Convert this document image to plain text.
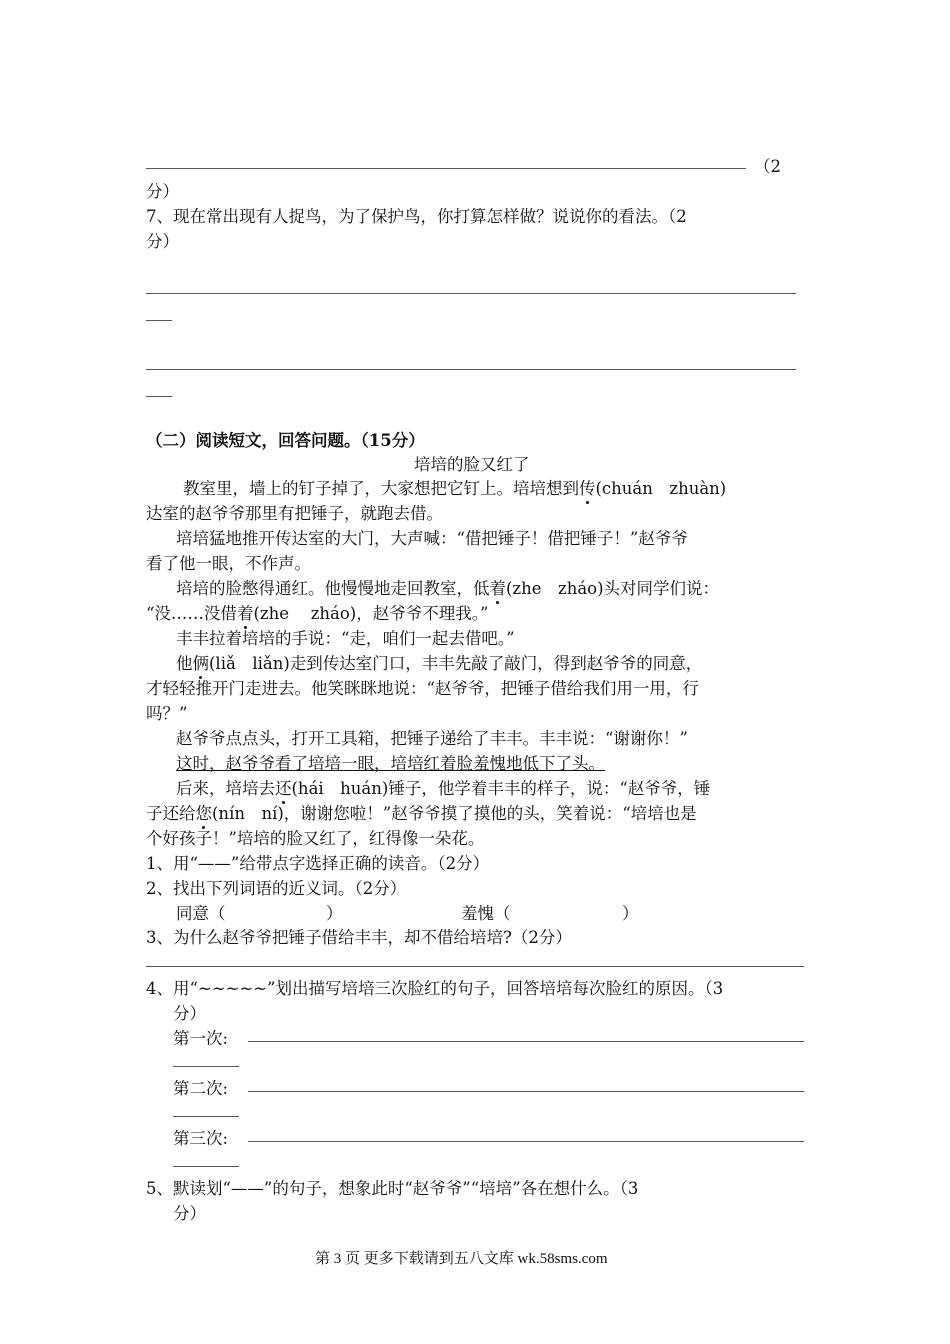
（2
分）
7、现在常出现有人捉鸟，为了保护鸟，你打算怎样做？说说你的看法。（2
分）
（二）阅读短文，回答问题。（15分）
培培的脸又红了
教室里，墙上的钉子掉了，大家想把它钉上。培培想到传(chuán　zhuàn)
达室的赵爷爷那里有把锤子，就跑去借。
培培猛地推开传达室的大门，大声喊：“借把锤子！借把锤子！”赵爷爷
看了他一眼，不作声。
培培的脸憋得通红。他慢慢地走回教室，低着(zhe　zháo)头对同学们说：
“没……没借着(zhe　 zháo)，赵爷爷不理我。”
丰丰拉着培培的手说：“走，咱们一起去借吧。”
他俩(liǎ　liǎn)走到传达室门口，丰丰先敲了敲门，得到赵爷爷的同意，
才轻轻推开门走进去。他笑眯眯地说：“赵爷爷，把锤子借给我们用一用，行
吗？”
赵爷爷点点头，打开工具箱，把锤子递给了丰丰。丰丰说：“谢谢你！”
这时，赵爷爷看了培培一眼，培培红着脸羞愧地低下了头。
后来，培培去还(hái　huán)锤子，他学着丰丰的样子，说：“赵爷爷，锤
子还给您(nín　ní)，谢谢您啦！”赵爷爷摸了摸他的头，笑着说：“培培也是
个好孩子！”培培的脸又红了，红得像一朵花。
1、用“——”给带点字选择正确的读音。（2分）
2、找出下列词语的近义词。（2分）
同意（	）	羞愧（	）
3、为什么赵爷爷把锤子借给丰丰，却不借给培培?（2分）
4、用“~~~~~”划出描写培培三次脸红的句子，回答培培每次脸红的原因。（3
分）
第一次:
第二次:
第三次:
5、默读划“——”的句子，想象此时“赵爷爷”“培培”各在想什么。（3
分）
第 3 页 更多下载请到五八文库 wk.58sms.com
